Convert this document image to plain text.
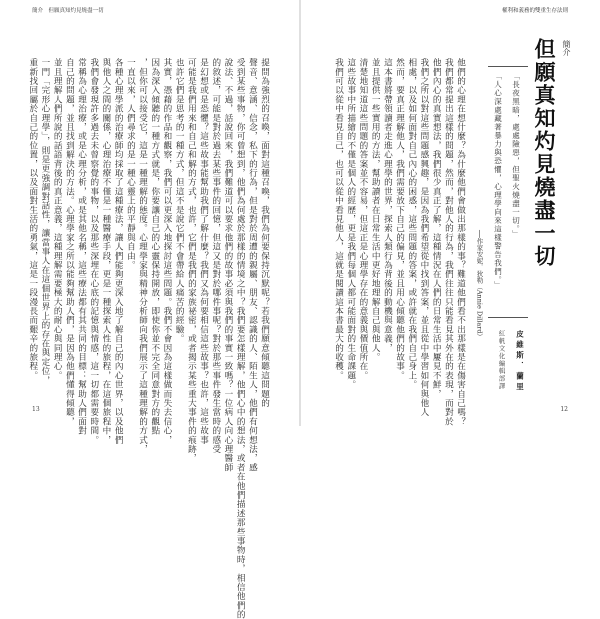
簡介　但願真知灼見燒盡一切
提問為強烈的召喚，面對這種召喚，我們為何要保持沉默呢？若我們願意傾聽這問題的
聲音、意涵、信念，私下的行為，但是對於周遭的親屬、朋友、認識的人、陌生人，他們有何想法，感
受到某些事物，你可曾想到，他們為何處於那樣的情境之中？我們要怎樣理解，他們心中的想法，或者在他們描述那些事物時，相信他們的
說法、不過，話說回來，我們難道可以要求他們的故事必須與我們的事實一致嗎？一位病人向心理醫師
的敘述，可能是對於過去某些事件的回憶，但這又是對於哪件事呢？對於那些事件發生當時的感受
是幻想或是恐懼？這些故事能幫助我們了解什麼？我們又為何要相信這些故事？也許，這些故事
可能是我們用來和自己和解的方式，也許，它們是我們的家族祕密，或者揭示某些重大事件的痕跡，
也許它們是思考的一種方式，但這不是說它們不會帶給人痛苦的經驗。
其實，憑藉的作品和觀察，我們可以更深入地探討這些問題。我們不會因為這樣做而失去信心，
因為深入傾聽的一種方式就是，你要讓自己的心靈保持開放，即使你並不完全同意對方的觀點
，但你可以接受它，這是一種理解的態度。心理學家與精神分析師向我們展示了這種理解的方式，
一直以來，人們尋求的是一種心靈上的平靜與自由。
各種心理學派的治療師均採取了這種療法，讓人們能夠更深入地了解自己的內心世界，以及他們
與他人之間的關係，心理治療不僅是一種醫療手段，更是一種探索人性的旅程，在這個旅程中，
我們會發現許多過去未曾察覺的事物，以及那些深埋在心底的記憶與情感，這一切都需要時間。
常稱為心理治療，或是心理分析，或是其他名稱，這些療法都有其共同的目標：幫助人們面對
自己的問題，並且找到解決的方法。心理學家之所以能夠幫助人們，是因為他們懂得傾聽，
並且理解人們所說的話語背後的真正意義，這種理解需要極大的耐心與同理心。
一門「完形心理學」，則是更強調對話性，讓當事人在這個世界上的存在與定位，
重新找回屬於自己的位置，以及面對生活的勇氣，這是一段漫長而艱辛的旅程。
13
權利和義務的雙重生存法則
簡介
但願真知灼見燒盡一切
「長夜黑暗，處處險惡，但聖火燒盡一切。」
「人心深處藏著暴力與恐懼，心理學向來這樣警告我們。」
──作家安妮．狄勒（Annie Dillard）
皮維斯．蘭里
紅帆文化編輯部譯
他們的心理在想什麼？為什麼他們會做出那樣的事？難道他們看不出那樣是在傷害自己嗎？
我們都常提出這樣的問題，然而，對他人的行為，我們往往只能看見其外在的表現，而對於
他們內心的真實想法，我們很少真正了解，這種情況在人們的日常生活中屢見不鮮，
我們之所以對這些問題感興趣，是因為我們希望從中找到答案，並且從中學習如何與他人
相處，以及如何面對自己內心的困惑，這些問題的答案，或許就在我們自己身上。
然而，要真正理解他人，我們需要放下自己的偏見，並且用心傾聽他們的故事。
這本書將帶領讀者走進心理學的世界，探索人類行為背後的動機與意義，
並且提供一些實用的方法，幫助讀者在日常生活中更好地理解自己與他人。
清楚地知道這些問題的答案並不容易，但這正是心理學存在的意義與價值所在。
這些故事中所描繪的不僅是個人的經歷，更是我們每個人都可能面對的生命課題。
我們可以從中看見自己，也可以從中看見他人，這就是閱讀這本書最大的收穫。
12
